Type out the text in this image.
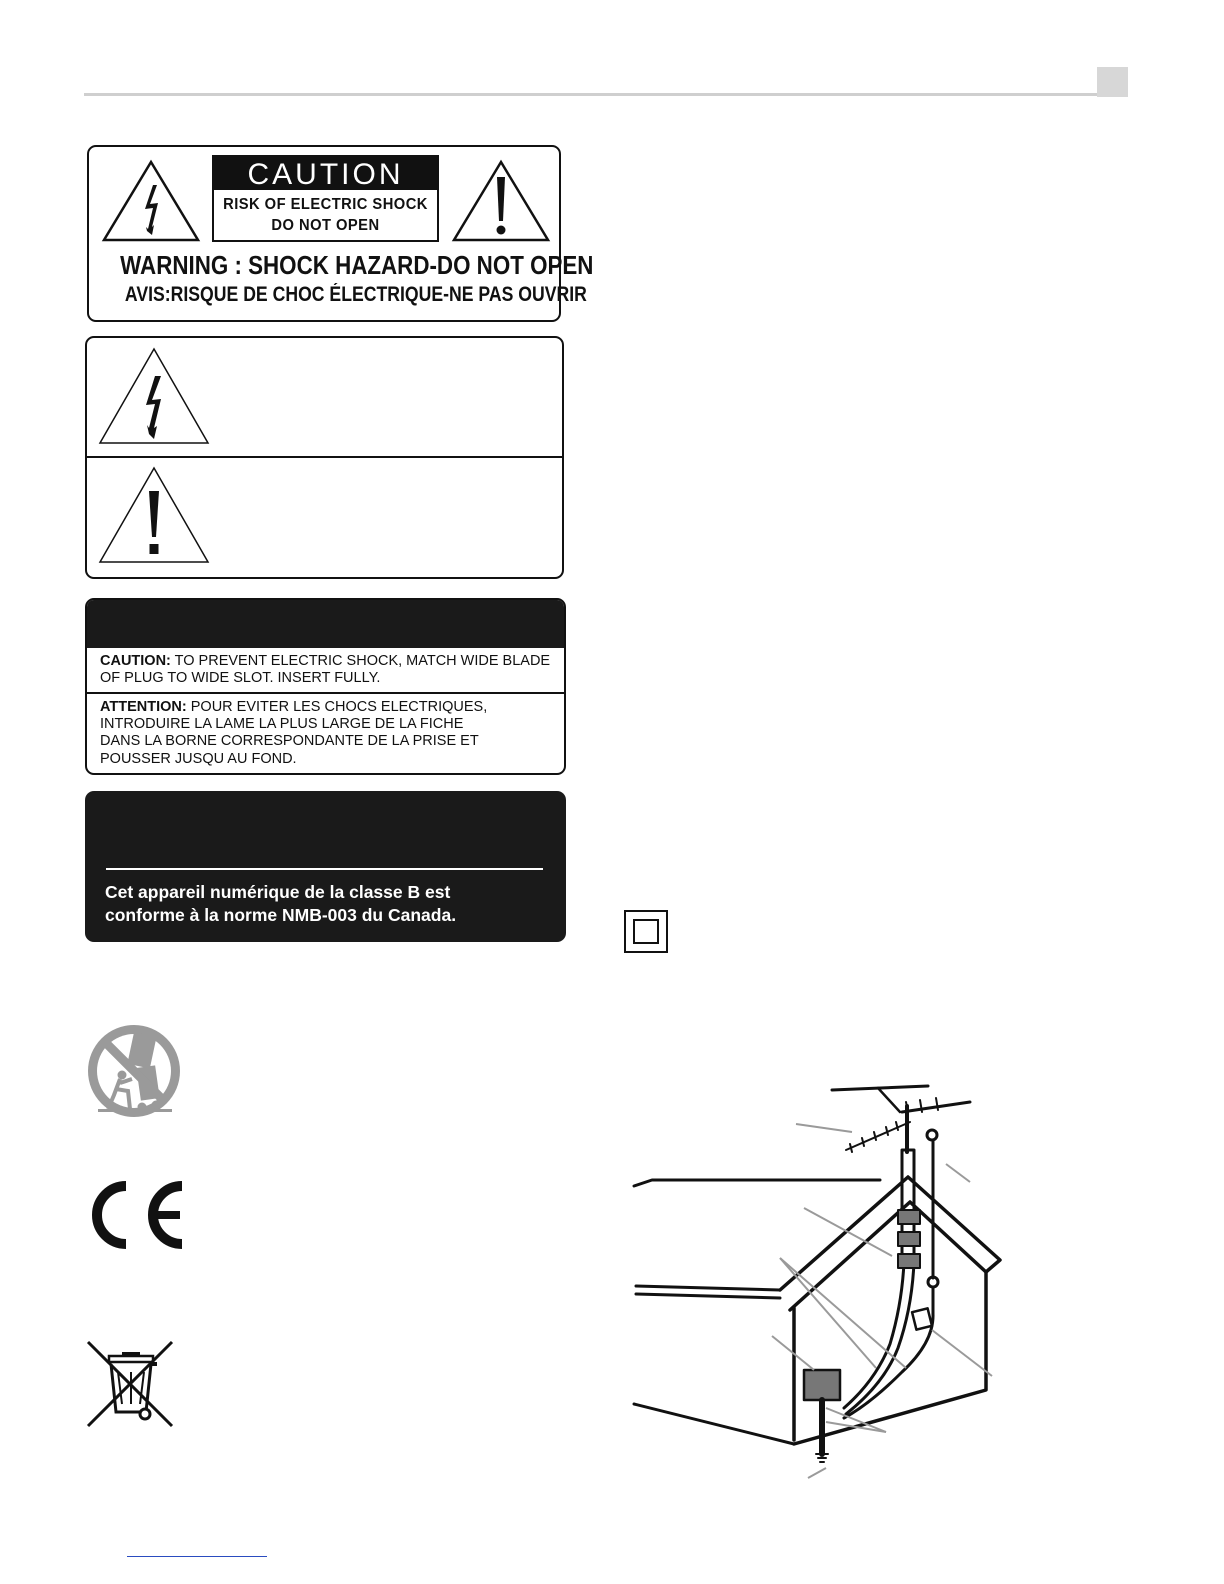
CAUTION
RISK OF ELECTRIC SHOCK
DO NOT OPEN
WARNING : SHOCK HAZARD-DO NOT OPEN
AVIS:RISQUE DE CHOC ÉLECTRIQUE-NE PAS OUVRIR
CAUTION: TO PREVENT ELECTRIC SHOCK, MATCH WIDE BLADE
OF PLUG TO WIDE SLOT. INSERT FULLY.
ATTENTION: POUR EVITER LES CHOCS ELECTRIQUES,
INTRODUIRE LA LAME LA PLUS LARGE DE LA FICHE
DANS LA BORNE CORRESPONDANTE DE LA PRISE ET
POUSSER JUSQU AU FOND.
Cet appareil numérique de la classe B est
conforme à la norme NMB-003 du Canada.
